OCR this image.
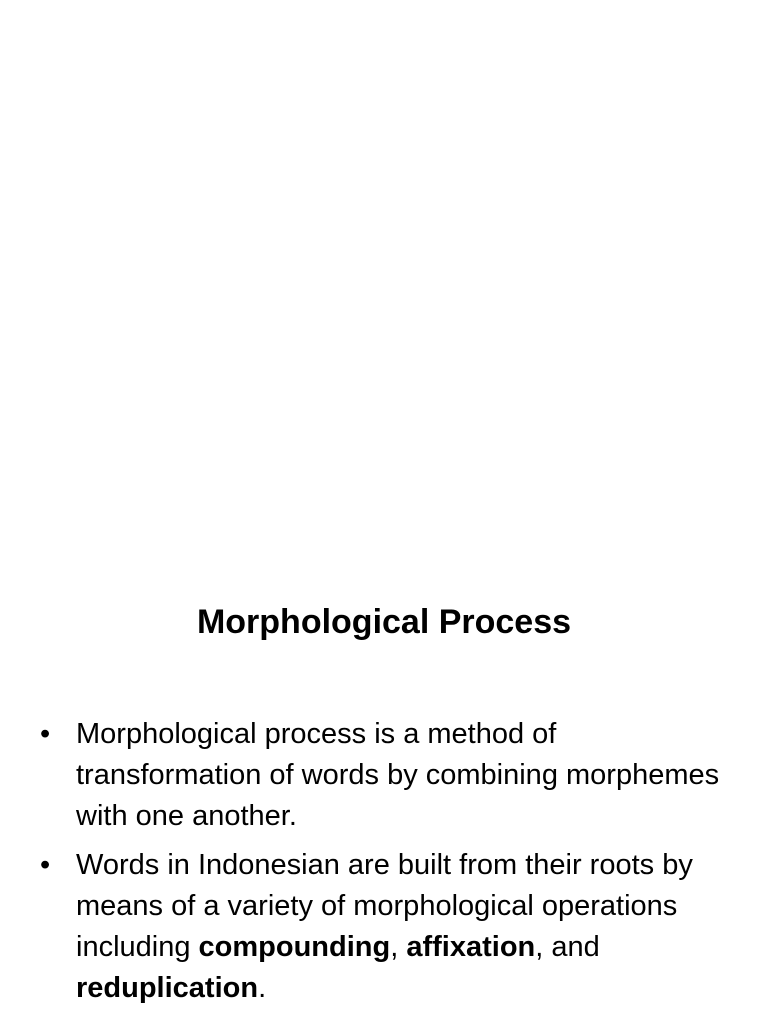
Morphological Process
• Morphological process is a method of transformation of words by combining morphemes with one another.
• Words in Indonesian are built from their roots by means of a variety of morphological operations including compounding, affixation, and reduplication.
